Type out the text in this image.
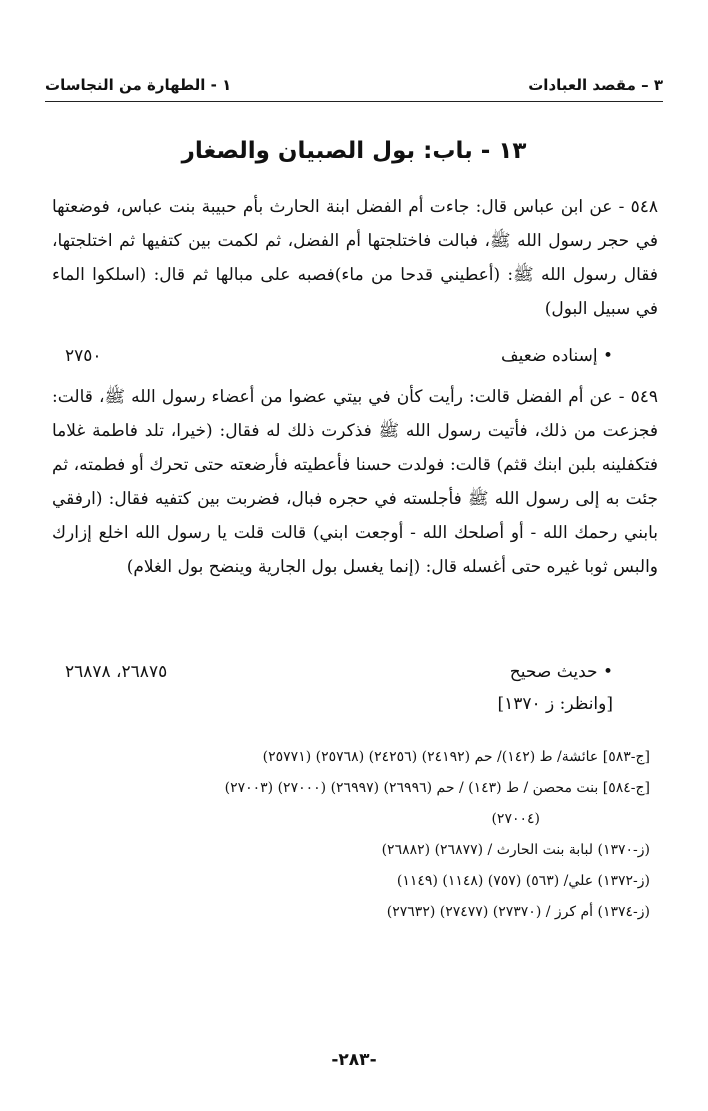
٣ – مقصد العبادات
١ - الطهارة من النجاسات
١٣ - باب: بول الصبيان والصغار
٥٤٨ - عن ابن عباس قال: جاءت أم الفضل ابنة الحارث بأم حبيبة بنت عباس، فوضعتها في حجر رسول الله ﷺ، فبالت فاختلجتها أم الفضل، ثم لكمت بين كتفيها ثم اختلجتها، فقال رسول الله ﷺ: (أعطيني قدحا من ماء)فصبه على مبالها ثم قال: (اسلكوا الماء في سبيل البول)
• إسناده ضعيف
٢٧٥٠
٥٤٩ - عن أم الفضل قالت: رأيت كأن في بيتي عضوا من أعضاء رسول الله ﷺ، قالت: فجزعت من ذلك، فأتيت رسول الله ﷺ فذكرت ذلك له فقال: (خيرا، تلد فاطمة غلاما فتكفلينه بلبن ابنك قثم) قالت: فولدت حسنا فأعطيته فأرضعته حتى تحرك أو فطمته، ثم جئت به إلى رسول الله ﷺ فأجلسته في حجره فبال، فضربت بين كتفيه فقال: (ارفقي بابني رحمك الله - أو أصلحك الله - أوجعت ابني) قالت قلت يا رسول الله اخلع إزارك والبس ثوبا غيره حتى أغسله قال: (إنما يغسل بول الجارية وينضح بول الغلام)
• حديث صحيح
٢٦٨٧٥، ٢٦٨٧٨
[وانظر: ز ١٣٧٠]
[ج-٥٨٣] عائشة/ ط (١٤٢)/ حم (٢٤١٩٢) (٢٤٢٥٦) (٢٥٧٦٨) (٢٥٧٧١)
[ج-٥٨٤] بنت محصن / ط (١٤٣) / حم (٢٦٩٩٦) (٢٦٩٩٧) (٢٧٠٠٠) (٢٧٠٠٣)
(٢٧٠٠٤)
(ز-١٣٧٠) لبابة بنت الحارث / (٢٦٨٧٧) (٢٦٨٨٢)
(ز-١٣٧٢) علي/ (٥٦٣) (٧٥٧) (١١٤٨) (١١٤٩)
(ز-١٣٧٤) أم كرز / (٢٧٣٧٠) (٢٧٤٧٧) (٢٧٦٣٢)
-٢٨٣-
